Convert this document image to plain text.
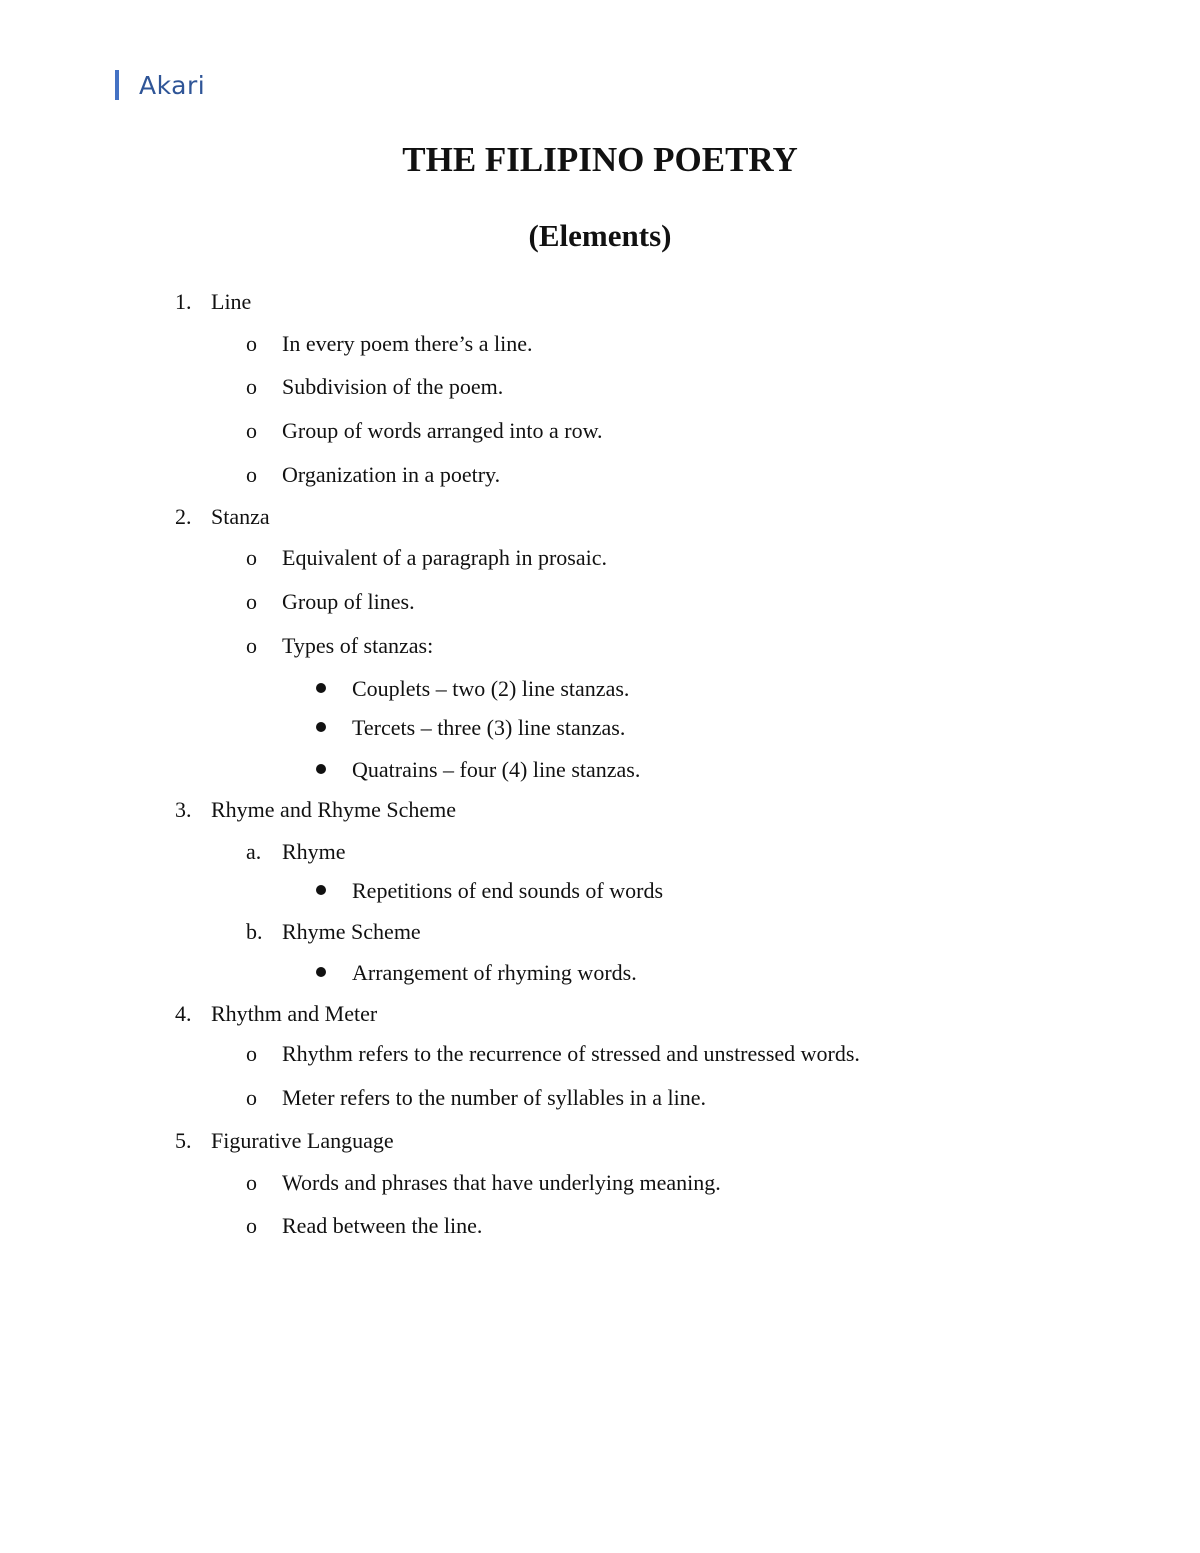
Akari
THE FILIPINO POETRY
(Elements)
1. Line
o In every poem there’s a line.
o Subdivision of the poem.
o Group of words arranged into a row.
o Organization in a poetry.
2. Stanza
o Equivalent of a paragraph in prosaic.
o Group of lines.
o Types of stanzas:
Couplets – two (2) line stanzas.
Tercets – three (3) line stanzas.
Quatrains – four (4) line stanzas.
3. Rhyme and Rhyme Scheme
a. Rhyme
Repetitions of end sounds of words
b. Rhyme Scheme
Arrangement of rhyming words.
4. Rhythm and Meter
o Rhythm refers to the recurrence of stressed and unstressed words.
o Meter refers to the number of syllables in a line.
5. Figurative Language
o Words and phrases that have underlying meaning.
o Read between the line.
